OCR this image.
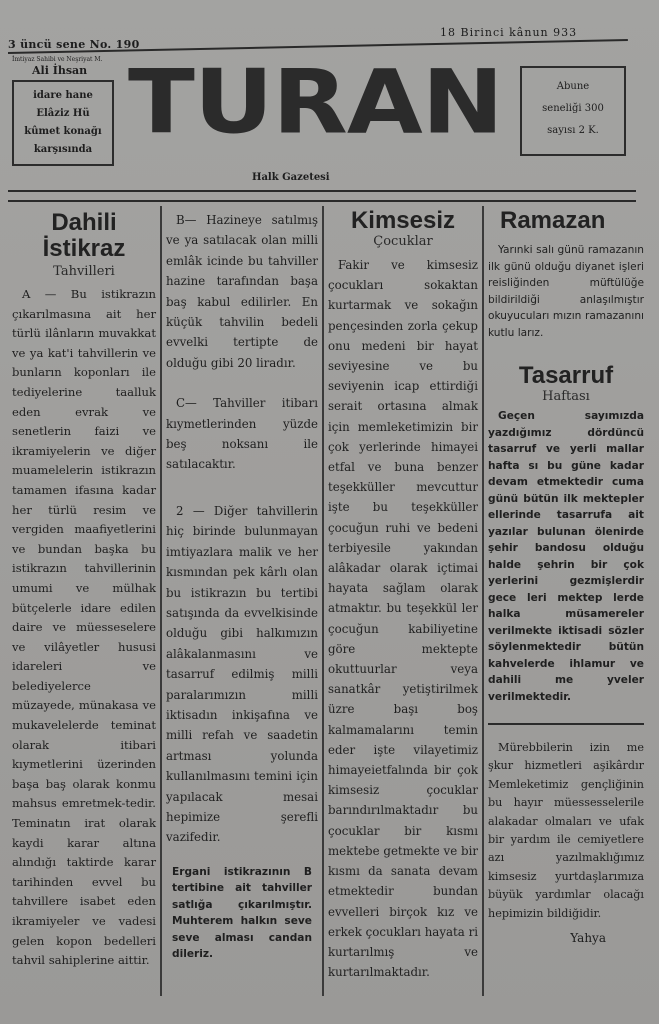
3 üncü sene No. 190
18 Birinci kânun 933
İmtiyaz Sahibi ve Neşriyat M.
Ali İhsan
idare hane
Elâziz Hü
kûmet konağı
karşısında TURAN	Abune
seneliği 300
sayısı 2 K.
Halk Gazetesi
Dahili
İstikraz
Tahvilleri

A — Bu istikrazın çıkarılmasına ait her türlü ilânların muvakkat ve ya kat'i tahvillerin ve bunların koponları ile tediyelerine taalluk eden evrak ve senetlerin faizi ve ikramiyelerin ve diğer muamelelerin istikrazın tamamen ifasına kadar her türlü resim ve vergiden maafiyetlerini ve bundan başka bu istikrazın tahvillerinin umumi ve mülhak bütçelerle idare edilen daire ve müesseselere ve vilâyetler hususi idareleri ve belediyelerce müzayede, münakasa ve mukavelelerde teminat olarak itibari kıymetlerini üzerinden başa baş olarak konmu mahsus emretmek-tedir. Teminatın irat olarak kaydi karar altına alındığı taktirde karar tarihinden evvel bu tahvillere isabet eden ikramiyeler ve vadesi gelen kopon bedelleri tahvil sahiplerine aittir.

B— Hazineye satılmış ve ya satılacak olan milli emlâk icinde bu tahviller hazine tarafından başa baş kabul edilirler. En küçük tahvilin bedeli evvelki tertipte de olduğu gibi 20 liradır.

C— Tahviller itibarı kıymetlerinden yüzde beş noksanı ile satılacaktır.

2 — Diğer tahvillerin hiç birinde bulunmayan imtiyazlara malik ve her kısmından pek kârlı olan bu istikrazın bu tertibi satışında da evvelkisinde olduğu gibi halkımızın alâkalanmasını ve tasarruf edilmiş milli paralarımızın milli iktisadın inkişafına ve milli refah ve saadetin artması yolunda kullanılmasını temini için yapılacak mesai hepimize şerefli vazifedir.

Ergani istikrazının B tertibine ait tahviller satlığa çıkarılmıştır. Muhterem halkın seve seve alması candan dileriz.
Kimsesiz
Çocuklar

Fakir ve kimsesiz çocukları sokaktan kurtarmak ve sokağın pençesinden zorla çekup onu medeni bir hayat seviyesine ve bu seviyenin icap ettirdiği serait ortasına almak için memleketimizin bir çok yerlerinde himayei etfal ve buna benzer teşekküller mevcuttur işte bu teşekküller çocuğun ruhi ve bedeni terbiyesile yakından alâkadar olarak içtimai hayata sağlam olarak atmaktır. bu teşekkül ler çocuğun kabiliyetine göre mektepte okuttuurlar veya sanatkâr yetiştirilmek üzre başı boş kalmamalarını temin eder işte vilayetimiz himayeietfalında bir çok kimsesiz çocuklar barındırılmaktadır bu çocuklar bir kısmı mektebe getmekte ve bir kısmı da sanata devam etmektedir bundan evvelleri birçok kız ve erkek çocukları hayata ri kurtarılmış ve kurtarılmaktadır.

Ramazan

Yarınki salı günü ramazanın ilk günü olduğu diyanet işleri reisliğinden müftülüğe bildirildiği anlaşılmıştır okuyucuları mızın ramazanını kutlu larız.

Tasarruf
Haftası

Geçen sayımızda yazdığımız dördüncü tasarruf ve yerli mallar hafta sı bu güne kadar devam etmektedir cuma günü bütün ilk mektepler ellerinde tasarrufa ait yazılar bulunan ölenirde şehir bandosu olduğu halde şehrin bir çok yerlerini gezmişlerdir gece leri mektep lerde halka müsamereler verilmekte iktisadi sözler söylenmektedir bütün kahvelerde ihlamur ve dahili me yveler verilmektedir.

Mürebbilerin izin me şkur hizmetleri aşikârdır Memleketimiz gençliğinin bu hayır müessesselerile alakadar olmaları ve ufak bir yardım ile cemiyetlere azı yazılmaklığımız kimsesiz yurtdaşlarımıza büyük yardımlar olacağı hepimizin bildiğidir.

Yahya
